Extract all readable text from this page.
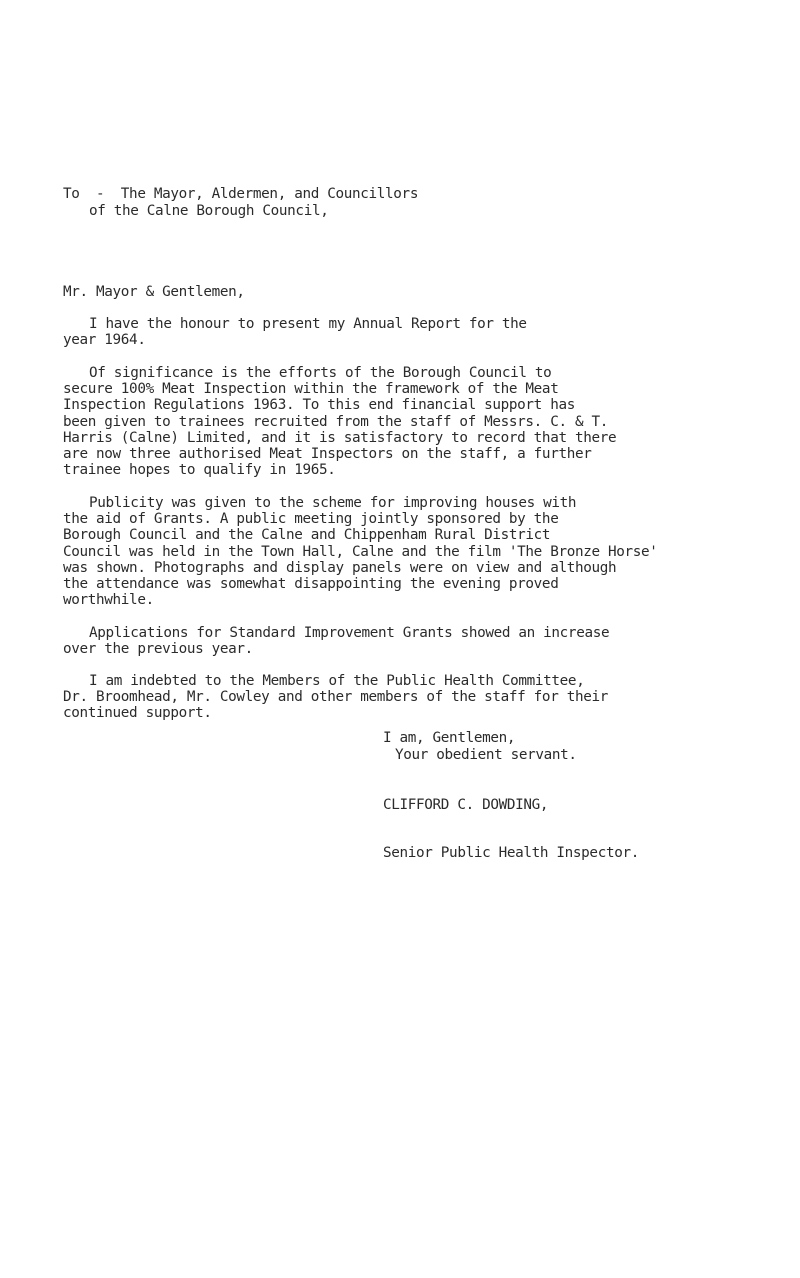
To  -  The Mayor, Aldermen, and Councillors
of the Calne Borough Council,
Mr. Mayor & Gentlemen,
I have the honour to present my Annual Report for the
year 1964.
Of significance is the efforts of the Borough Council to
secure 100% Meat Inspection within the framework of the Meat
Inspection Regulations 1963. To this end financial support has
been given to trainees recruited from the staff of Messrs. C. & T.
Harris (Calne) Limited, and it is satisfactory to record that there
are now three authorised Meat Inspectors on the staff, a further
trainee hopes to qualify in 1965.
Publicity was given to the scheme for improving houses with
the aid of Grants. A public meeting jointly sponsored by the
Borough Council and the Calne and Chippenham Rural District
Council was held in the Town Hall, Calne and the film 'The Bronze Horse'
was shown. Photographs and display panels were on view and although
the attendance was somewhat disappointing the evening proved
worthwhile.
Applications for Standard Improvement Grants showed an increase
over the previous year.
I am indebted to the Members of the Public Health Committee,
Dr. Broomhead, Mr. Cowley and other members of the staff for their
continued support.
I am, Gentlemen,
Your obedient servant.
CLIFFORD C. DOWDING,
Senior Public Health Inspector.
